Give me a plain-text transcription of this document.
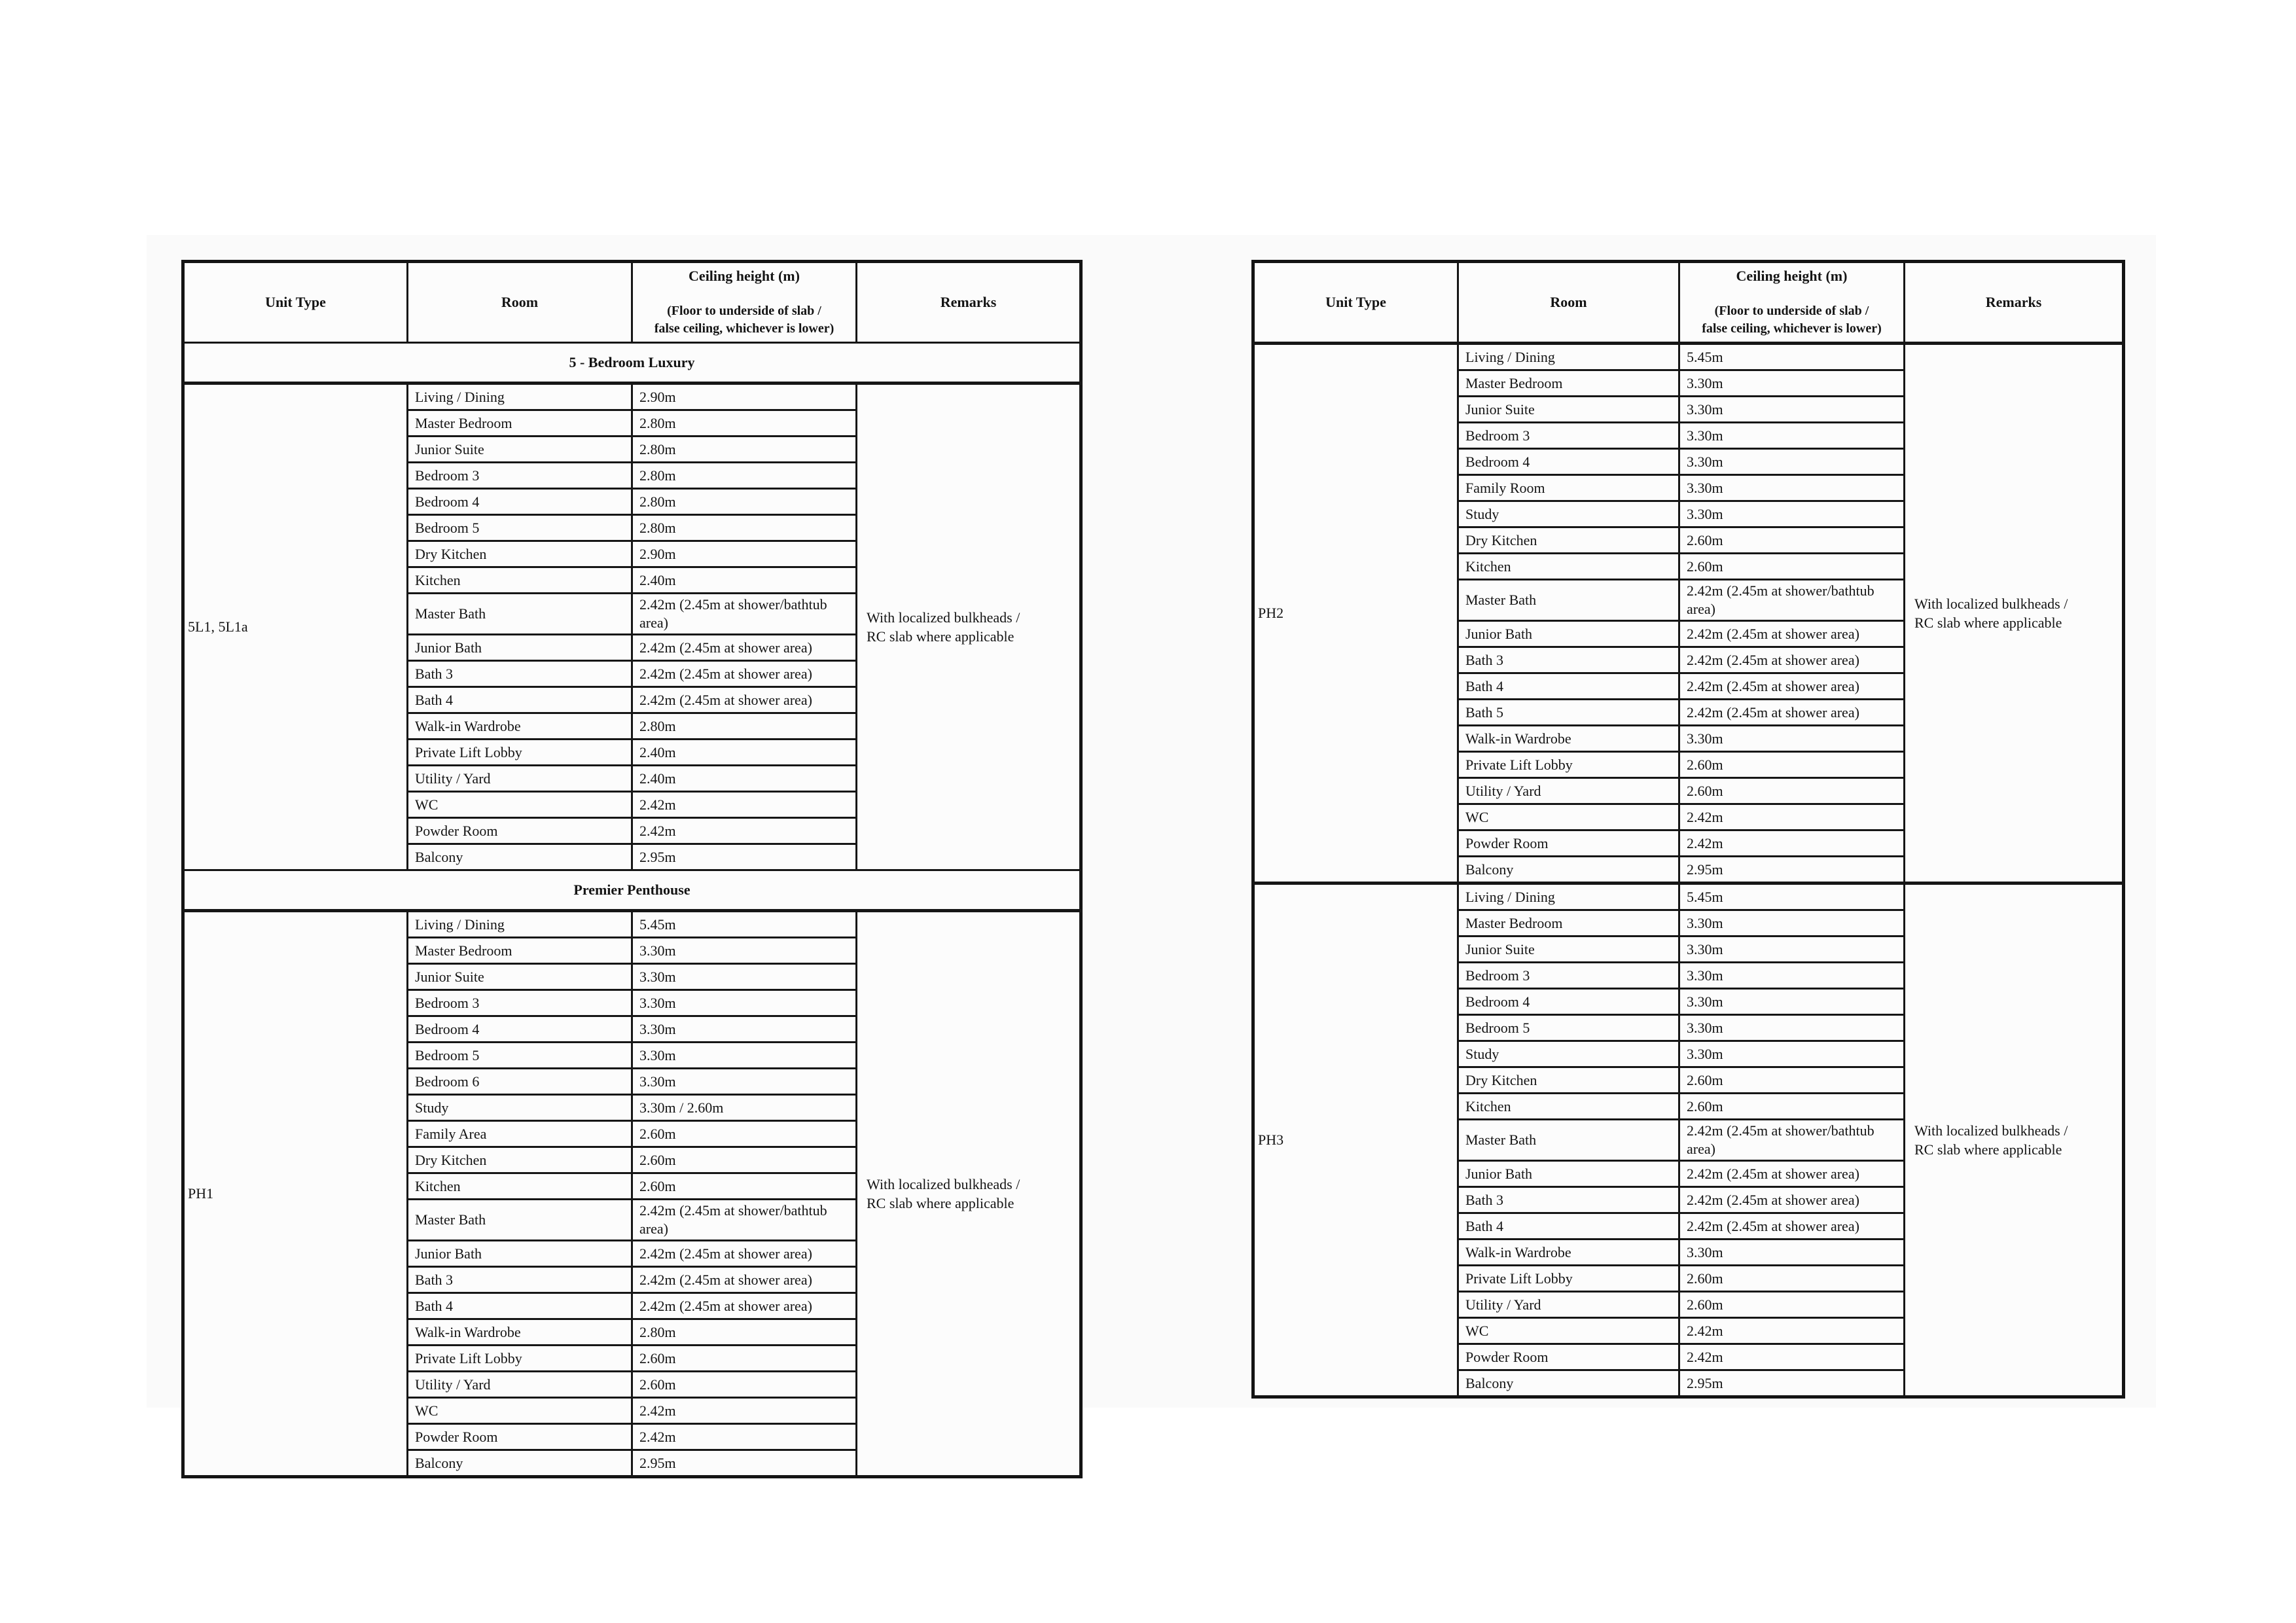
Unit Type	Room	Ceiling height (m)
(Floor to underside of slab /
false ceiling, whichever is lower)	Remarks

5 - Bedroom Luxury			
5L1, 5L1a	Living / Dining	2.90m	With localized bulkheads / RC slab where applicable

	Master Bedroom	2.80m	
	Junior Suite	2.80m	
	Bedroom 3	2.80m	
	Bedroom 4	2.80m	
	Bedroom 5	2.80m	
	Dry Kitchen	2.90m	
	Kitchen	2.40m	
	Master Bath	2.42m (2.45m at shower/bathtub area)	
	Junior Bath	2.42m (2.45m at shower area)	
	Bath 3	2.42m (2.45m at shower area)	
	Bath 4	2.42m (2.45m at shower area)	
	Walk-in Wardrobe	2.80m	
	Private Lift Lobby	2.40m	
	Utility / Yard	2.40m	
	WC	2.42m	
	Powder Room	2.42m	
	Balcony	2.95m	
Premier Penthouse			
PH1	Living / Dining	5.45m	With localized bulkheads / RC slab where applicable

	Master Bedroom	3.30m	
	Junior Suite	3.30m	
	Bedroom 3	3.30m	
	Bedroom 4	3.30m	
	Bedroom 5	3.30m	
	Bedroom 6	3.30m	
	Study	3.30m / 2.60m	
	Family Area	2.60m	
	Dry Kitchen	2.60m	
	Kitchen	2.60m	
	Master Bath	2.42m (2.45m at shower/bathtub area)	
	Junior Bath	2.42m (2.45m at shower area)	
	Bath 3	2.42m (2.45m at shower area)	
	Bath 4	2.42m (2.45m at shower area)	
	Walk-in Wardrobe	2.80m	
	Private Lift Lobby	2.60m	
	Utility / Yard	2.60m	
	WC	2.42m	
	Powder Room	2.42m	
	Balcony	2.95m	
Unit Type	Room	Ceiling height (m)
(Floor to underside of slab /
false ceiling, whichever is lower)	Remarks

PH2	Living / Dining	5.45m	With localized bulkheads / RC slab where applicable

	Master Bedroom	3.30m	
	Junior Suite	3.30m	
	Bedroom 3	3.30m	
	Bedroom 4	3.30m	
	Family Room	3.30m	
	Study	3.30m	
	Dry Kitchen	2.60m	
	Kitchen	2.60m	
	Master Bath	2.42m (2.45m at shower/bathtub area)	
	Junior Bath	2.42m (2.45m at shower area)	
	Bath 3	2.42m (2.45m at shower area)	
	Bath 4	2.42m (2.45m at shower area)	
	Bath 5	2.42m (2.45m at shower area)	
	Walk-in Wardrobe	3.30m	
	Private Lift Lobby	2.60m	
	Utility / Yard	2.60m	
	WC	2.42m	
	Powder Room	2.42m	
	Balcony	2.95m	
PH3	Living / Dining	5.45m	With localized bulkheads / RC slab where applicable

	Master Bedroom	3.30m	
	Junior Suite	3.30m	
	Bedroom 3	3.30m	
	Bedroom 4	3.30m	
	Bedroom 5	3.30m	
	Study	3.30m	
	Dry Kitchen	2.60m	
	Kitchen	2.60m	
	Master Bath	2.42m (2.45m at shower/bathtub area)	
	Junior Bath	2.42m (2.45m at shower area)	
	Bath 3	2.42m (2.45m at shower area)	
	Bath 4	2.42m (2.45m at shower area)	
	Walk-in Wardrobe	3.30m	
	Private Lift Lobby	2.60m	
	Utility / Yard	2.60m	
	WC	2.42m	
	Powder Room	2.42m	
	Balcony	2.95m	
